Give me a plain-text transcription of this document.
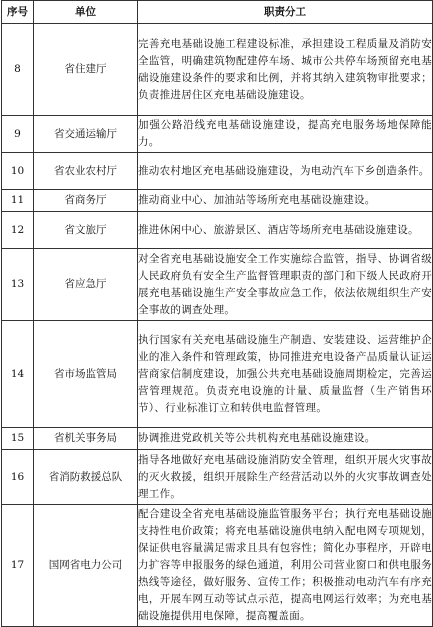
序号	单位	职责分工
8	省住建厅	完善充电基础设施工程建设标准，承担建设工程质量及消防安全监管，明确建筑物配建停车场、城市公共停车场预留充电基础设施建设条件的要求和比例，并将其纳入建筑物审批要求；负责推进居住区充电基础设施建设。
9	省交通运输厅	加强公路沿线充电基础设施建设，提高充电服务场地保障能力。
10	省农业农村厅	推动农村地区充电基础设施建设，为电动汽车下乡创造条件。
11	省商务厅	推动商业中心、加油站等场所充电基础设施建设。
12	省文旅厅	推进休闲中心、旅游景区、酒店等场所充电基础设施建设。
13	省应急厅	对全省充电基础设施安全工作实施综合监管，指导、协调省级人民政府负有安全生产监督管理职责的部门和下级人民政府开展充电基础设施生产安全事故应急工作，依法依规组织生产安全事故的调查处理。
14	省市场监管局	执行国家有关充电基础设施生产制造、安装建设、运营维护企业的准入条件和管理政策，协同推进充电设备产品质量认证运营商家信制度建设，加强公共充电基础设施周期检定，完善运营管理规范。负责充电设施的计量、质量监督（生产销售环节）、行业标准订立和转供电监督管理。
15	省机关事务局	协调推进党政机关等公共机构充电基础设施建设。
16	省消防救援总队	指导各地做好充电基础设施消防安全管理，组织开展火灾事故的灭火救援，组织开展除生产经营活动以外的火灾事故调查处理工作。
17	国网省电力公司	配合建设全省充电基础设施监管服务平台；执行充电基础设施支持性电价政策；将充电基础设施供电纳入配电网专项规划，保证供电容量满足需求且具有包容性；简化办事程序，开辟电力扩容等申报服务的绿色通道，利用公司营业窗口和供电服务热线等途径，做好服务、宣传工作；积极推动电动汽车有序充电，开展车网互动等试点示范，提高电网运行效率；为充电基础设施提供用电保障，提高覆盖面。
